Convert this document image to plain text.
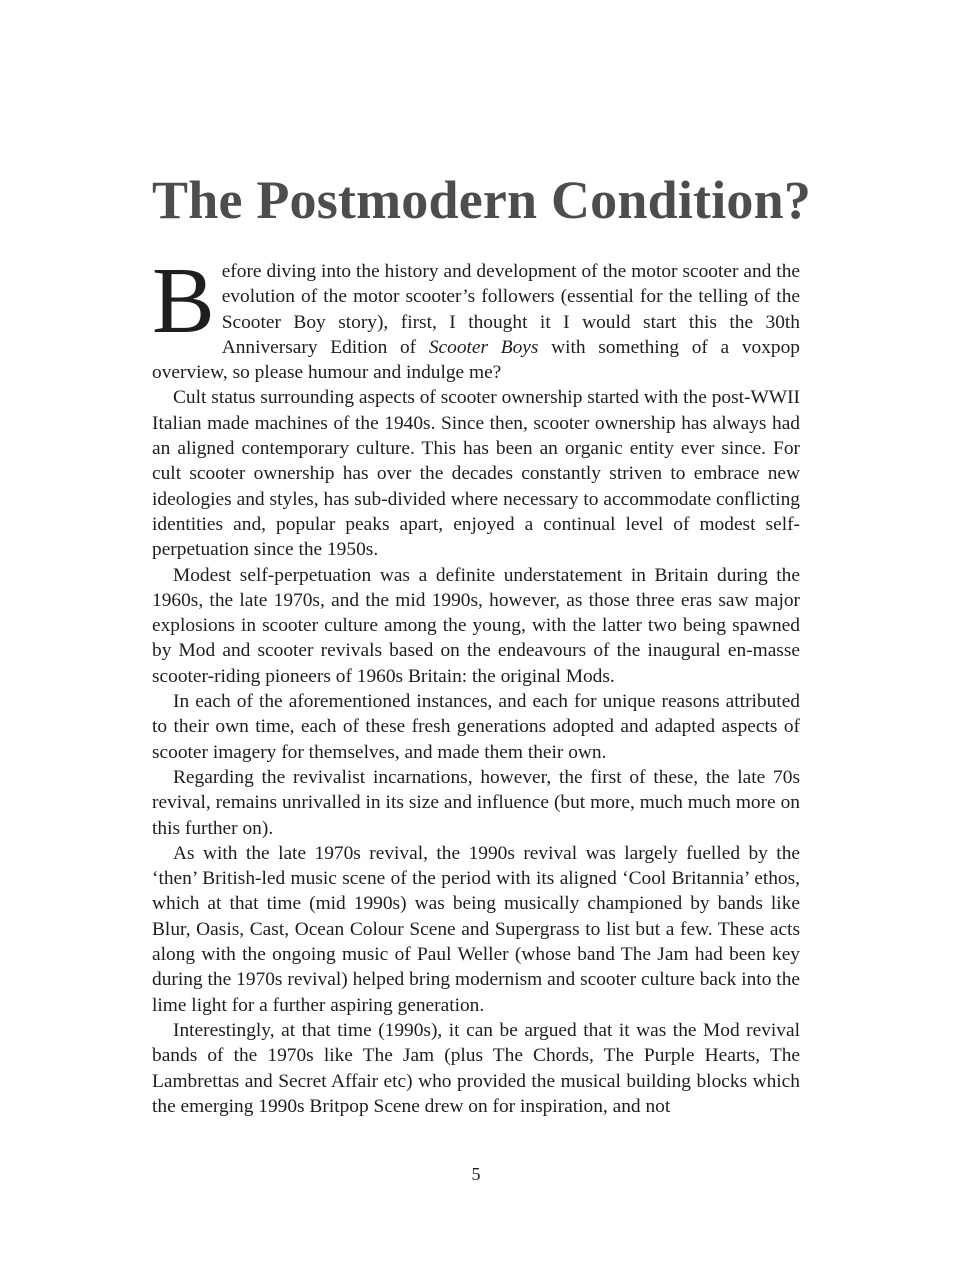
The Postmodern Condition?

Before diving into the history and development of the motor scooter and the evolution of the motor scooter’s followers (essential for the telling of the Scooter Boy story), first, I thought it I would start this the 30th Anniversary Edition of Scooter Boys with something of a voxpop overview, so please humour and indulge me?

Cult status surrounding aspects of scooter ownership started with the post-WWII Italian made machines of the 1940s. Since then, scooter ownership has always had an aligned contemporary culture. This has been an organic entity ever since. For cult scooter ownership has over the decades constantly striven to embrace new ideologies and styles, has sub-divided where necessary to accommodate conflicting identities and, popular peaks apart, enjoyed a continual level of modest self-perpetuation since the 1950s.

Modest self-perpetuation was a definite understatement in Britain during the 1960s, the late 1970s, and the mid 1990s, however, as those three eras saw major explosions in scooter culture among the young, with the latter two being spawned by Mod and scooter revivals based on the endeavours of the inaugural en-masse scooter-riding pioneers of 1960s Britain: the original Mods.

In each of the aforementioned instances, and each for unique reasons attributed to their own time, each of these fresh generations adopted and adapted aspects of scooter imagery for themselves, and made them their own.

Regarding the revivalist incarnations, however, the first of these, the late 70s revival, remains unrivalled in its size and influence (but more, much much more on this further on).

As with the late 1970s revival, the 1990s revival was largely fuelled by the ‘then’ British-led music scene of the period with its aligned ‘Cool Britannia’ ethos, which at that time (mid 1990s) was being musically championed by bands like Blur, Oasis, Cast, Ocean Colour Scene and Supergrass to list but a few. These acts along with the ongoing music of Paul Weller (whose band The Jam had been key during the 1970s revival) helped bring modernism and scooter culture back into the lime light for a further aspiring generation.

Interestingly, at that time (1990s), it can be argued that it was the Mod revival bands of the 1970s like The Jam (plus The Chords, The Purple Hearts, The Lambrettas and Secret Affair etc) who provided the musical building blocks which the emerging 1990s Britpop Scene drew on for inspiration, and not

5
